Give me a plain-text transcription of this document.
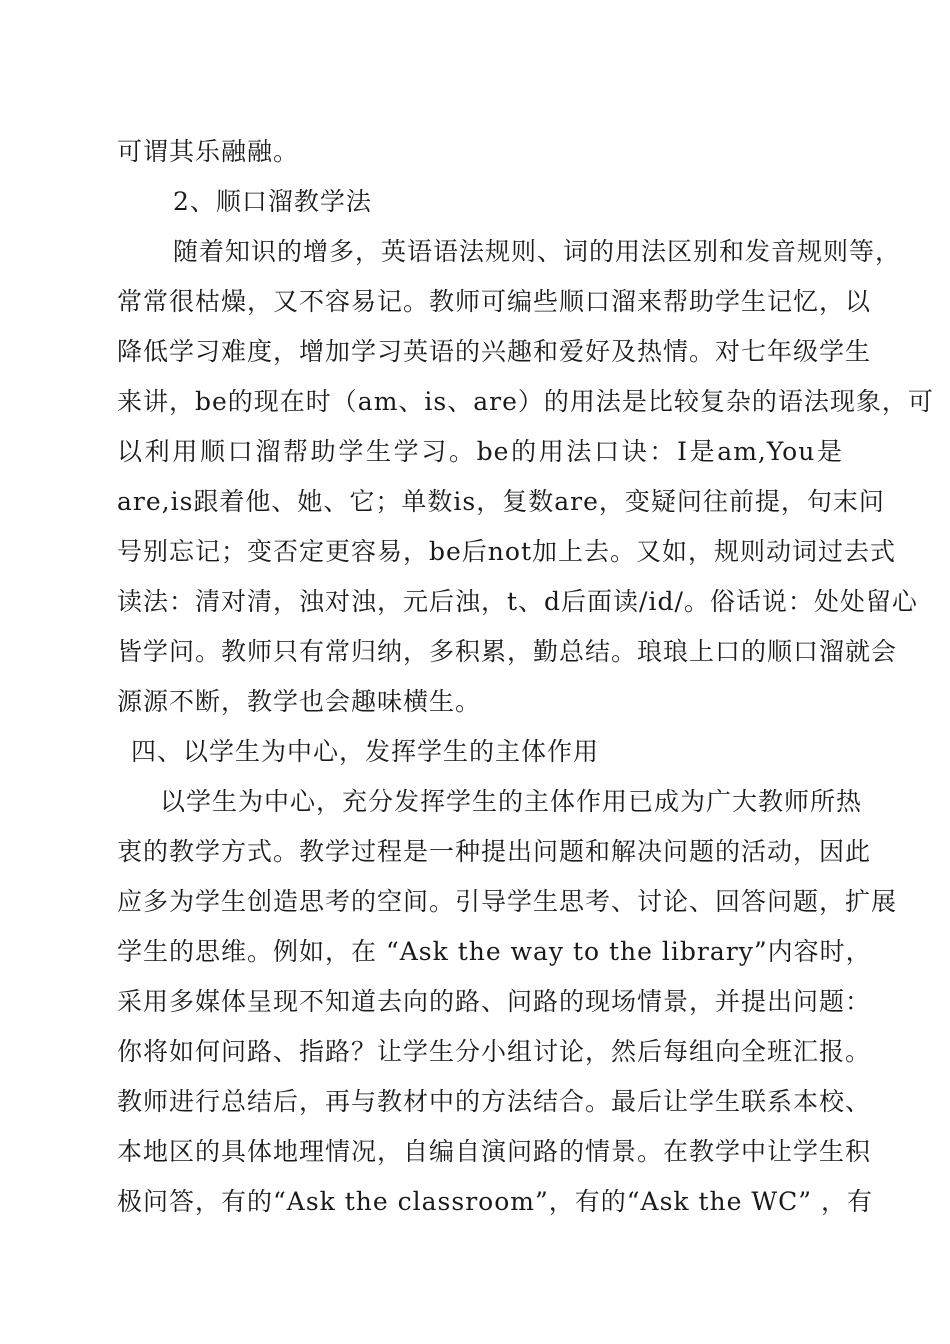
可谓其乐融融。
2、顺口溜教学法
随着知识的增多，英语语法规则、词的用法区别和发音规则等，
常常很枯燥，又不容易记。教师可编些顺口溜来帮助学生记忆，以
降低学习难度，增加学习英语的兴趣和爱好及热情。对七年级学生
来讲，be的现在时（am、is、are）的用法是比较复杂的语法现象，可
以利用顺口溜帮助学生学习。be的用法口诀：I是am,You是
are,is跟着他、她、它；单数is，复数are，变疑问往前提，句末问
号别忘记；变否定更容易，be后not加上去。又如，规则动词过去式
读法：清对清，浊对浊，元后浊，t、d后面读/id/。俗话说：处处留心
皆学问。教师只有常归纳，多积累，勤总结。琅琅上口的顺口溜就会
源源不断，教学也会趣味横生。
四、以学生为中心，发挥学生的主体作用
以学生为中心，充分发挥学生的主体作用已成为广大教师所热
衷的教学方式。教学过程是一种提出问题和解决问题的活动，因此
应多为学生创造思考的空间。引导学生思考、讨论、回答问题，扩展
学生的思维。例如，在 “Ask the way to the library”内容时，
采用多媒体呈现不知道去向的路、问路的现场情景，并提出问题：
你将如何问路、指路？让学生分小组讨论，然后每组向全班汇报。
教师进行总结后，再与教材中的方法结合。最后让学生联系本校、
本地区的具体地理情况，自编自演问路的情景。在教学中让学生积
极问答，有的“Ask the classroom”，有的“Ask the WC” ，有
